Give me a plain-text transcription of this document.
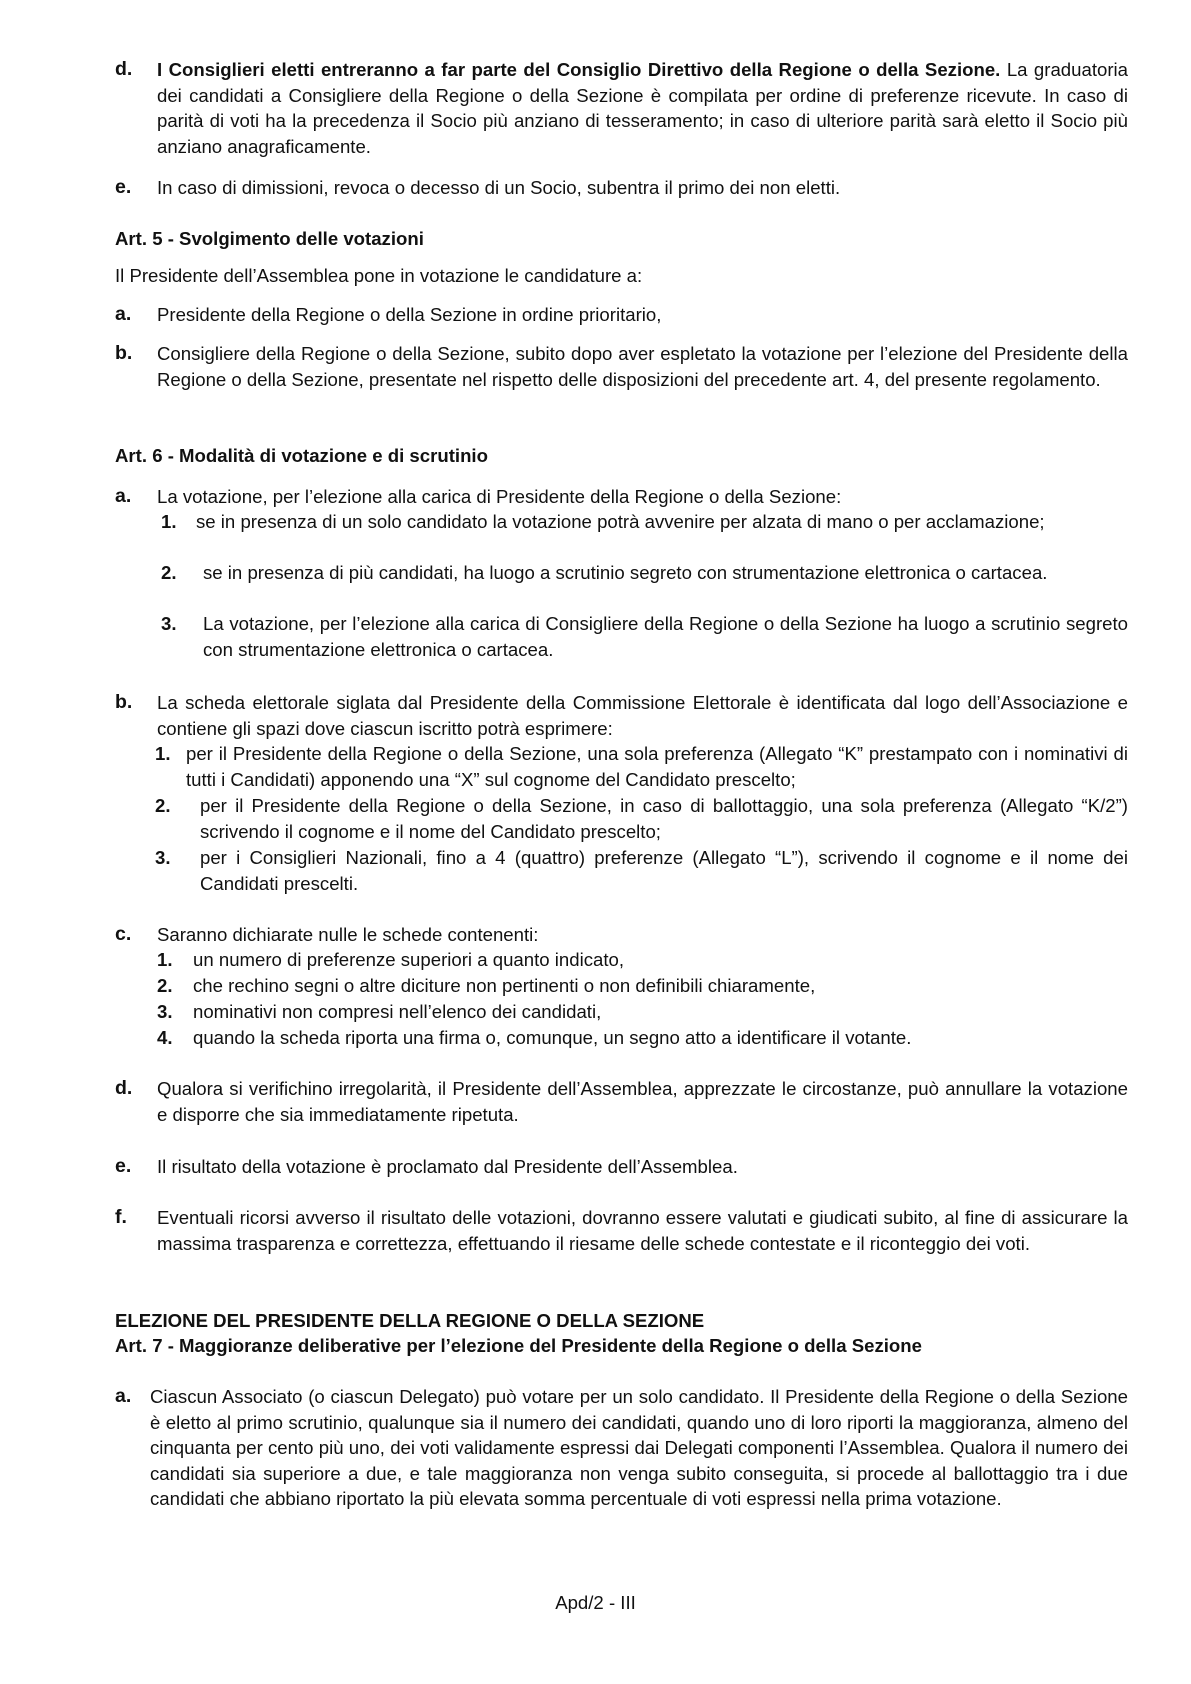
d. I Consiglieri eletti entreranno a far parte del Consiglio Direttivo della Regione o della Sezione. La graduatoria dei candidati a Consigliere della Regione o della Sezione è compilata per ordine di preferenze ricevute. In caso di parità di voti ha la precedenza il Socio più anziano di tesseramento; in caso di ulteriore parità sarà eletto il Socio più anziano anagraficamente.
e. In caso di dimissioni, revoca o decesso di un Socio, subentra il primo dei non eletti.
Art. 5 - Svolgimento delle votazioni
Il Presidente dell’Assemblea pone in votazione le candidature a:
a. Presidente della Regione o della Sezione in ordine prioritario,
b. Consigliere della Regione o della Sezione, subito dopo aver espletato la votazione per l’elezione del Presidente della Regione o della Sezione, presentate nel rispetto delle disposizioni del precedente art. 4, del presente regolamento.
Art. 6 - Modalità di votazione e di scrutinio
a. La votazione, per l’elezione alla carica di Presidente della Regione o della Sezione:
1. se in presenza di un solo candidato la votazione potrà avvenire per alzata di mano o per acclamazione;
2. se in presenza di più candidati, ha luogo a scrutinio segreto con strumentazione elettronica o cartacea.
3. La votazione, per l’elezione alla carica di Consigliere della Regione o della Sezione ha luogo a scrutinio segreto con strumentazione elettronica o cartacea.
b. La scheda elettorale siglata dal Presidente della Commissione Elettorale è identificata dal logo dell’Associazione e contiene gli spazi dove ciascun iscritto potrà esprimere:
1. per il Presidente della Regione o della Sezione, una sola preferenza (Allegato “K” prestampato con i nominativi di tutti i Candidati) apponendo una “X” sul cognome del Candidato prescelto;
2. per il Presidente della Regione o della Sezione, in caso di ballottaggio, una sola preferenza (Allegato “K/2”) scrivendo il cognome e il nome del Candidato prescelto;
3. per i Consiglieri Nazionali, fino a 4 (quattro) preferenze (Allegato “L”), scrivendo il cognome e il nome dei Candidati prescelti.
c. Saranno dichiarate nulle le schede contenenti:
1. un numero di preferenze superiori a quanto indicato,
2. che rechino segni o altre diciture non pertinenti o non definibili chiaramente,
3. nominativi non compresi nell’elenco dei candidati,
4. quando la scheda riporta una firma o, comunque, un segno atto a identificare il votante.
d. Qualora si verifichino irregolarità, il Presidente dell’Assemblea, apprezzate le circostanze, può annullare la votazione e disporre che sia immediatamente ripetuta.
e. Il risultato della votazione è proclamato dal Presidente dell’Assemblea.
f. Eventuali ricorsi avverso il risultato delle votazioni, dovranno essere valutati e giudicati subito, al fine di assicurare la massima trasparenza e correttezza, effettuando il riesame delle schede contestate e il riconteggio dei voti.
ELEZIONE DEL PRESIDENTE DELLA REGIONE O DELLA SEZIONE
Art. 7 - Maggioranze deliberative per l’elezione del Presidente della Regione o della Sezione
a. Ciascun Associato (o ciascun Delegato) può votare per un solo candidato. Il Presidente della Regione o della Sezione è eletto al primo scrutinio, qualunque sia il numero dei candidati, quando uno di loro riporti la maggioranza, almeno del cinquanta per cento più uno, dei voti validamente espressi dai Delegati componenti l’Assemblea. Qualora il numero dei candidati sia superiore a due, e tale maggioranza non venga subito conseguita, si procede al ballottaggio tra i due candidati che abbiano riportato la più elevata somma percentuale di voti espressi nella prima votazione.
Apd/2 - III
